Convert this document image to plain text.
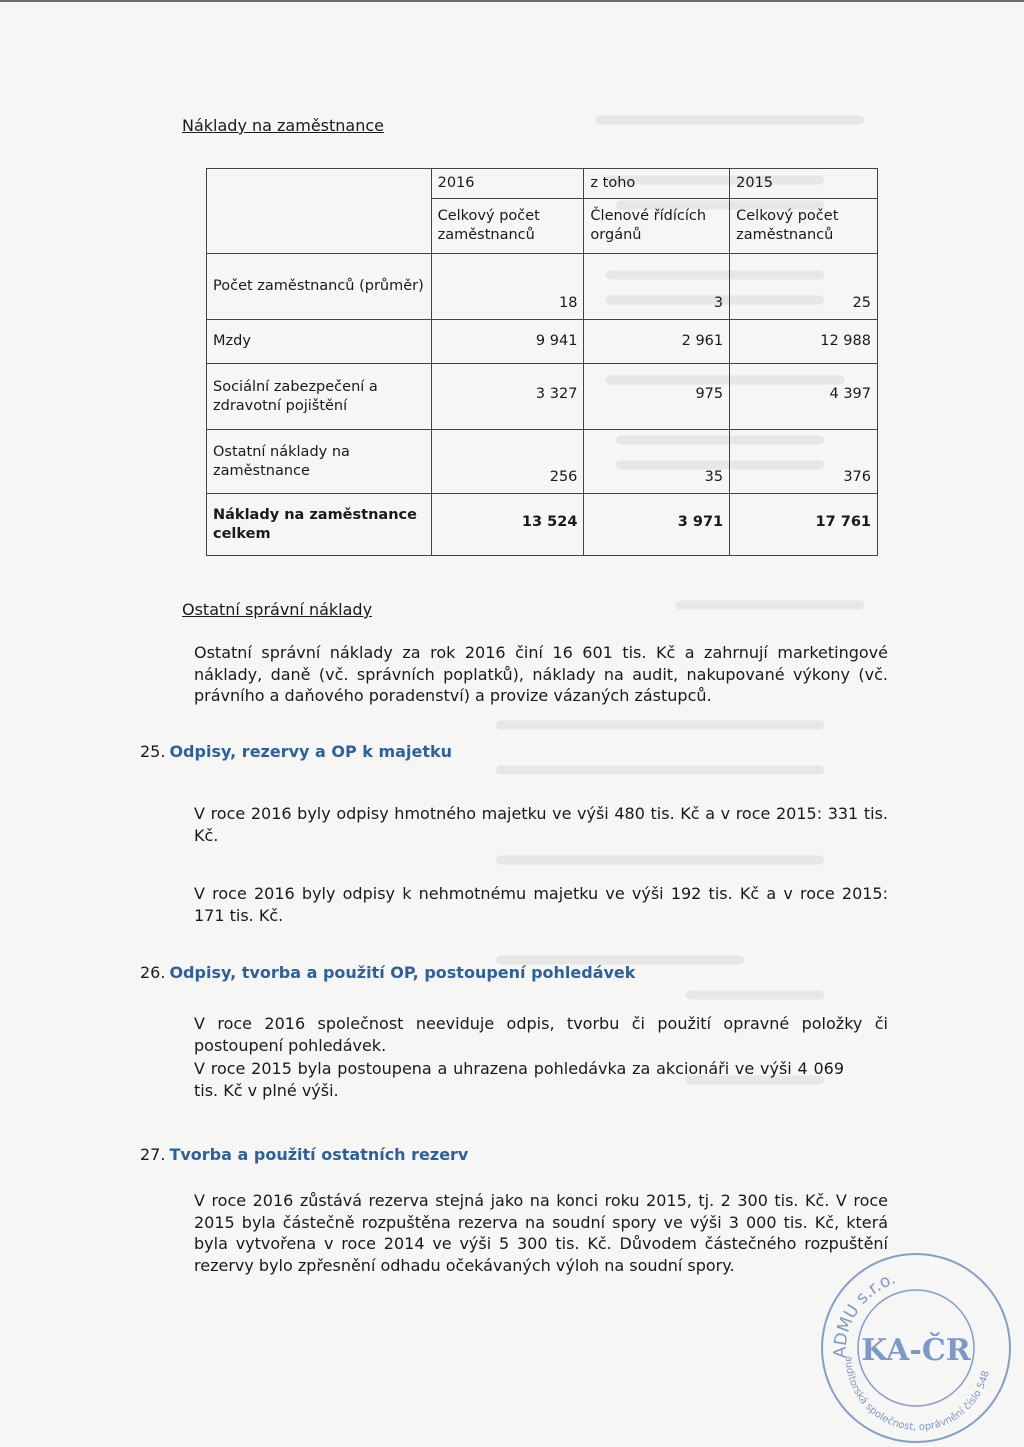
Náklady na zaměstnance
	2016	z toho	2015
	Celkový počet zaměstnanců	Členové řídících orgánů	Celkový počet zaměstnanců
Počet zaměstnanců (průměr)	18	3	25
Mzdy	9 941	2 961	12 988
Sociální zabezpečení a zdravotní pojištění	3 327	975	4 397
Ostatní náklady na zaměstnance	256	35	376
Náklady na zaměstnance celkem	13 524	3 971	17 761
Ostatní správní náklady
Ostatní správní náklady za rok 2016 činí 16 601 tis. Kč a zahrnují marketingové náklady, daně (vč. správních poplatků), náklady na audit, nakupované výkony (vč. právního a daňového poradenství) a provize vázaných zástupců.
25. Odpisy, rezervy a OP k majetku
V roce 2016 byly odpisy hmotného majetku ve výši 480 tis. Kč a v roce 2015: 331 tis. Kč.
V roce 2016 byly odpisy k nehmotnému majetku ve výši 192 tis. Kč a v roce 2015: 171 tis. Kč.
26. Odpisy, tvorba a použití OP, postoupení pohledávek
V roce 2016 společnost neeviduje odpis, tvorbu či použití opravné položky či postoupení pohledávek.
V roce 2015 byla postoupena a uhrazena pohledávka za akcionáři ve výši 4 069 tis. Kč v plné výši.
27. Tvorba a použití ostatních rezerv
V roce 2016 zůstává rezerva stejná jako na konci roku 2015, tj. 2 300 tis. Kč. V roce 2015 byla částečně rozpuštěna rezerva na soudní spory ve výši 3 000 tis. Kč, která byla vytvořena v roce 2014 ve výši 5 300 tis. Kč. Důvodem částečného rozpuštění rezervy bylo zpřesnění odhadu očekávaných výloh na soudní spory.
ADMU s.r.o.
auditorská společnost, oprávnění číslo 548
KA-ČR
